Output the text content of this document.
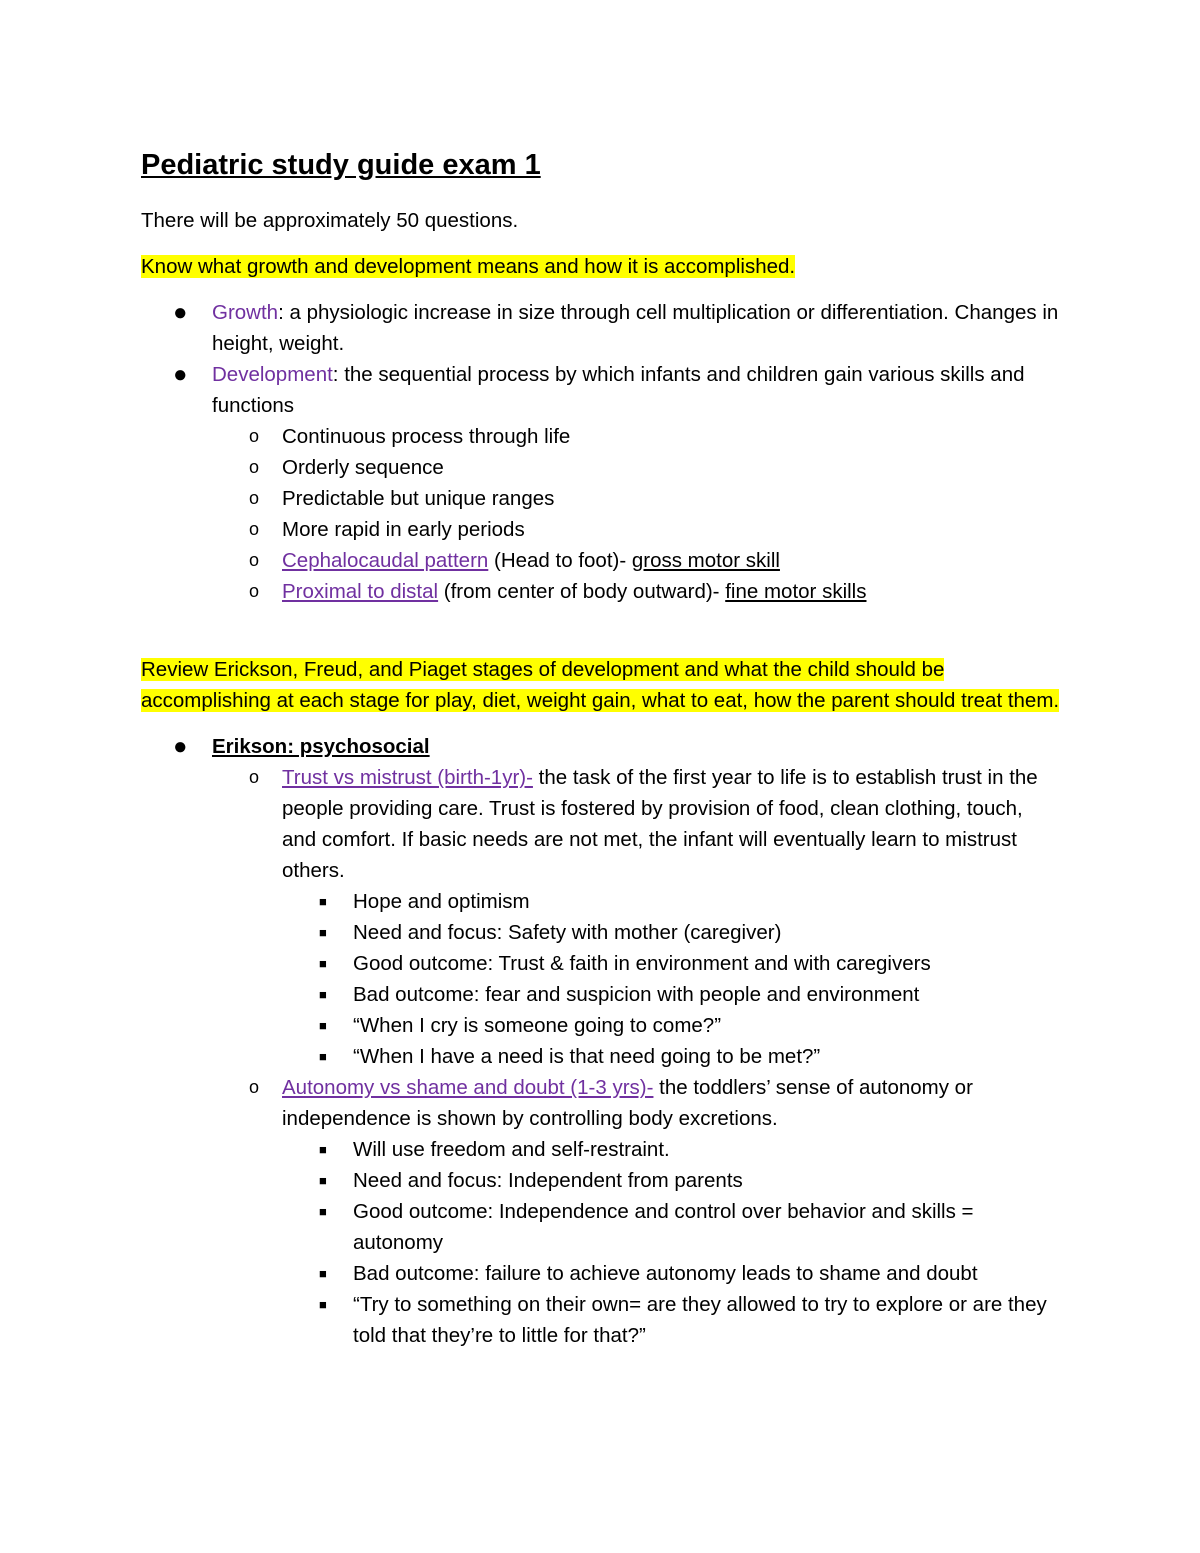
Pediatric study guide exam 1

There will be approximately 50 questions.

Know what growth and development means and how it is accomplished.

● Growth: a physiologic increase in size through cell multiplication or differentiation. Changes in height, weight.
● Development: the sequential process by which infants and children gain various skills and functions
o	Continuous process through life
o	Orderly sequence
o	Predictable but unique ranges
o	More rapid in early periods
o	Cephalocaudal pattern (Head to foot)- gross motor skill
o	Proximal to distal (from center of body outward)- fine motor skills

Review Erickson, Freud, and Piaget stages of development and what the child should be accomplishing at each stage for play, diet, weight gain, what to eat, how the parent should treat them.

● Erikson: psychosocial
o	Trust vs mistrust (birth-1yr)- the task of the first year to life is to establish trust in the people providing care. Trust is fostered by provision of food, clean clothing, touch, and comfort. If basic needs are not met, the infant will eventually learn to mistrust others.
■	Hope and optimism
■	Need and focus: Safety with mother (caregiver)
■	Good outcome: Trust & faith in environment and with caregivers
■	Bad outcome: fear and suspicion with people and environment
■	“When I cry is someone going to come?”
■	“When I have a need is that need going to be met?”
o	Autonomy vs shame and doubt (1-3 yrs)- the toddlers’ sense of autonomy or independence is shown by controlling body excretions.
■	Will use freedom and self-restraint.
■	Need and focus: Independent from parents
■	Good outcome: Independence and control over behavior and skills = autonomy
■	Bad outcome: failure to achieve autonomy leads to shame and doubt
■	“Try to something on their own= are they allowed to try to explore or are they told that they’re to little for that?”
